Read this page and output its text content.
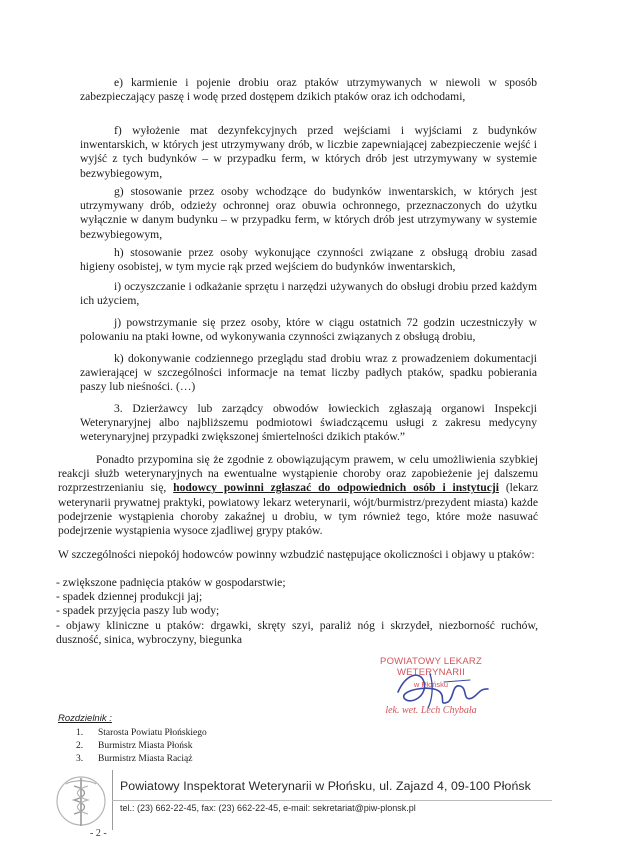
e) karmienie i pojenie drobiu oraz ptaków utrzymywanych w niewoli w sposób zabezpieczający paszę i wodę przed dostępem dzikich ptaków oraz ich odchodami,

f) wyłożenie mat dezynfekcyjnych przed wejściami i wyjściami z budynków inwentarskich, w których jest utrzymywany drób, w liczbie zapewniającej zabezpieczenie wejść i wyjść z tych budynków – w przypadku ferm, w których drób jest utrzymywany w systemie bezwybiegowym,

g) stosowanie przez osoby wchodzące do budynków inwentarskich, w których jest utrzymywany drób, odzieży ochronnej oraz obuwia ochronnego, przeznaczonych do użytku wyłącznie w danym budynku – w przypadku ferm, w których drób jest utrzymywany w systemie bezwybiegowym,

h) stosowanie przez osoby wykonujące czynności związane z obsługą drobiu zasad higieny osobistej, w tym mycie rąk przed wejściem do budynków inwentarskich,

i) oczyszczanie i odkażanie sprzętu i narzędzi używanych do obsługi drobiu przed każdym ich użyciem,

j) powstrzymanie się przez osoby, które w ciągu ostatnich 72 godzin uczestniczyły w polowaniu na ptaki łowne, od wykonywania czynności związanych z obsługą drobiu,

k) dokonywanie codziennego przeglądu stad drobiu wraz z prowadzeniem dokumentacji zawierającej w szczególności informacje na temat liczby padłych ptaków, spadku pobierania paszy lub nieśności. (…)

3. Dzierżawcy lub zarządcy obwodów łowieckich zgłaszają organowi Inspekcji Weterynaryjnej albo najbliższemu podmiotowi świadczącemu usługi z zakresu medycyny weterynaryjnej przypadki zwiększonej śmiertelności dzikich ptaków.”

Ponadto przypomina się że zgodnie z obowiązującym prawem, w celu umożliwienia szybkiej reakcji służb weterynaryjnych na ewentualne wystąpienie choroby oraz zapobieżenie jej dalszemu rozprzestrzenianiu się, hodowcy powinni zgłaszać do odpowiednich osób i instytucji (lekarz weterynarii prywatnej praktyki, powiatowy lekarz weterynarii, wójt/burmistrz/prezydent miasta) każde podejrzenie wystąpienia choroby zakaźnej u drobiu, w tym również tego, które może nasuwać podejrzenie wystąpienia wysoce zjadliwej grypy ptaków.

W szczególności niepokój hodowców powinny wzbudzić następujące okoliczności i objawy u ptaków:

- zwiększone padnięcia ptaków w gospodarstwie;
- spadek dziennej produkcji jaj;
- spadek przyjęcia paszy lub wody;
- objawy kliniczne u ptaków: drgawki, skręty szyi, paraliż nóg i skrzydeł, niezborność ruchów, duszność, sinica, wybroczyny, biegunka
POWIATOWY LEKARZ WETERYNARII
w Płońsku
lek. wet. Lech Chybała
Rozdzielnik :
1. Starosta Powiatu Płońskiego
2. Burmistrz Miasta Płońsk
3. Burmistrz Miasta Raciąż
Powiatowy Inspektorat Weterynarii w Płońsku, ul. Zajazd 4, 09-100 Płońsk
tel.: (23) 662-22-45, fax: (23) 662-22-45, e-mail: sekretariat@piw-plonsk.pl
- 2 -
